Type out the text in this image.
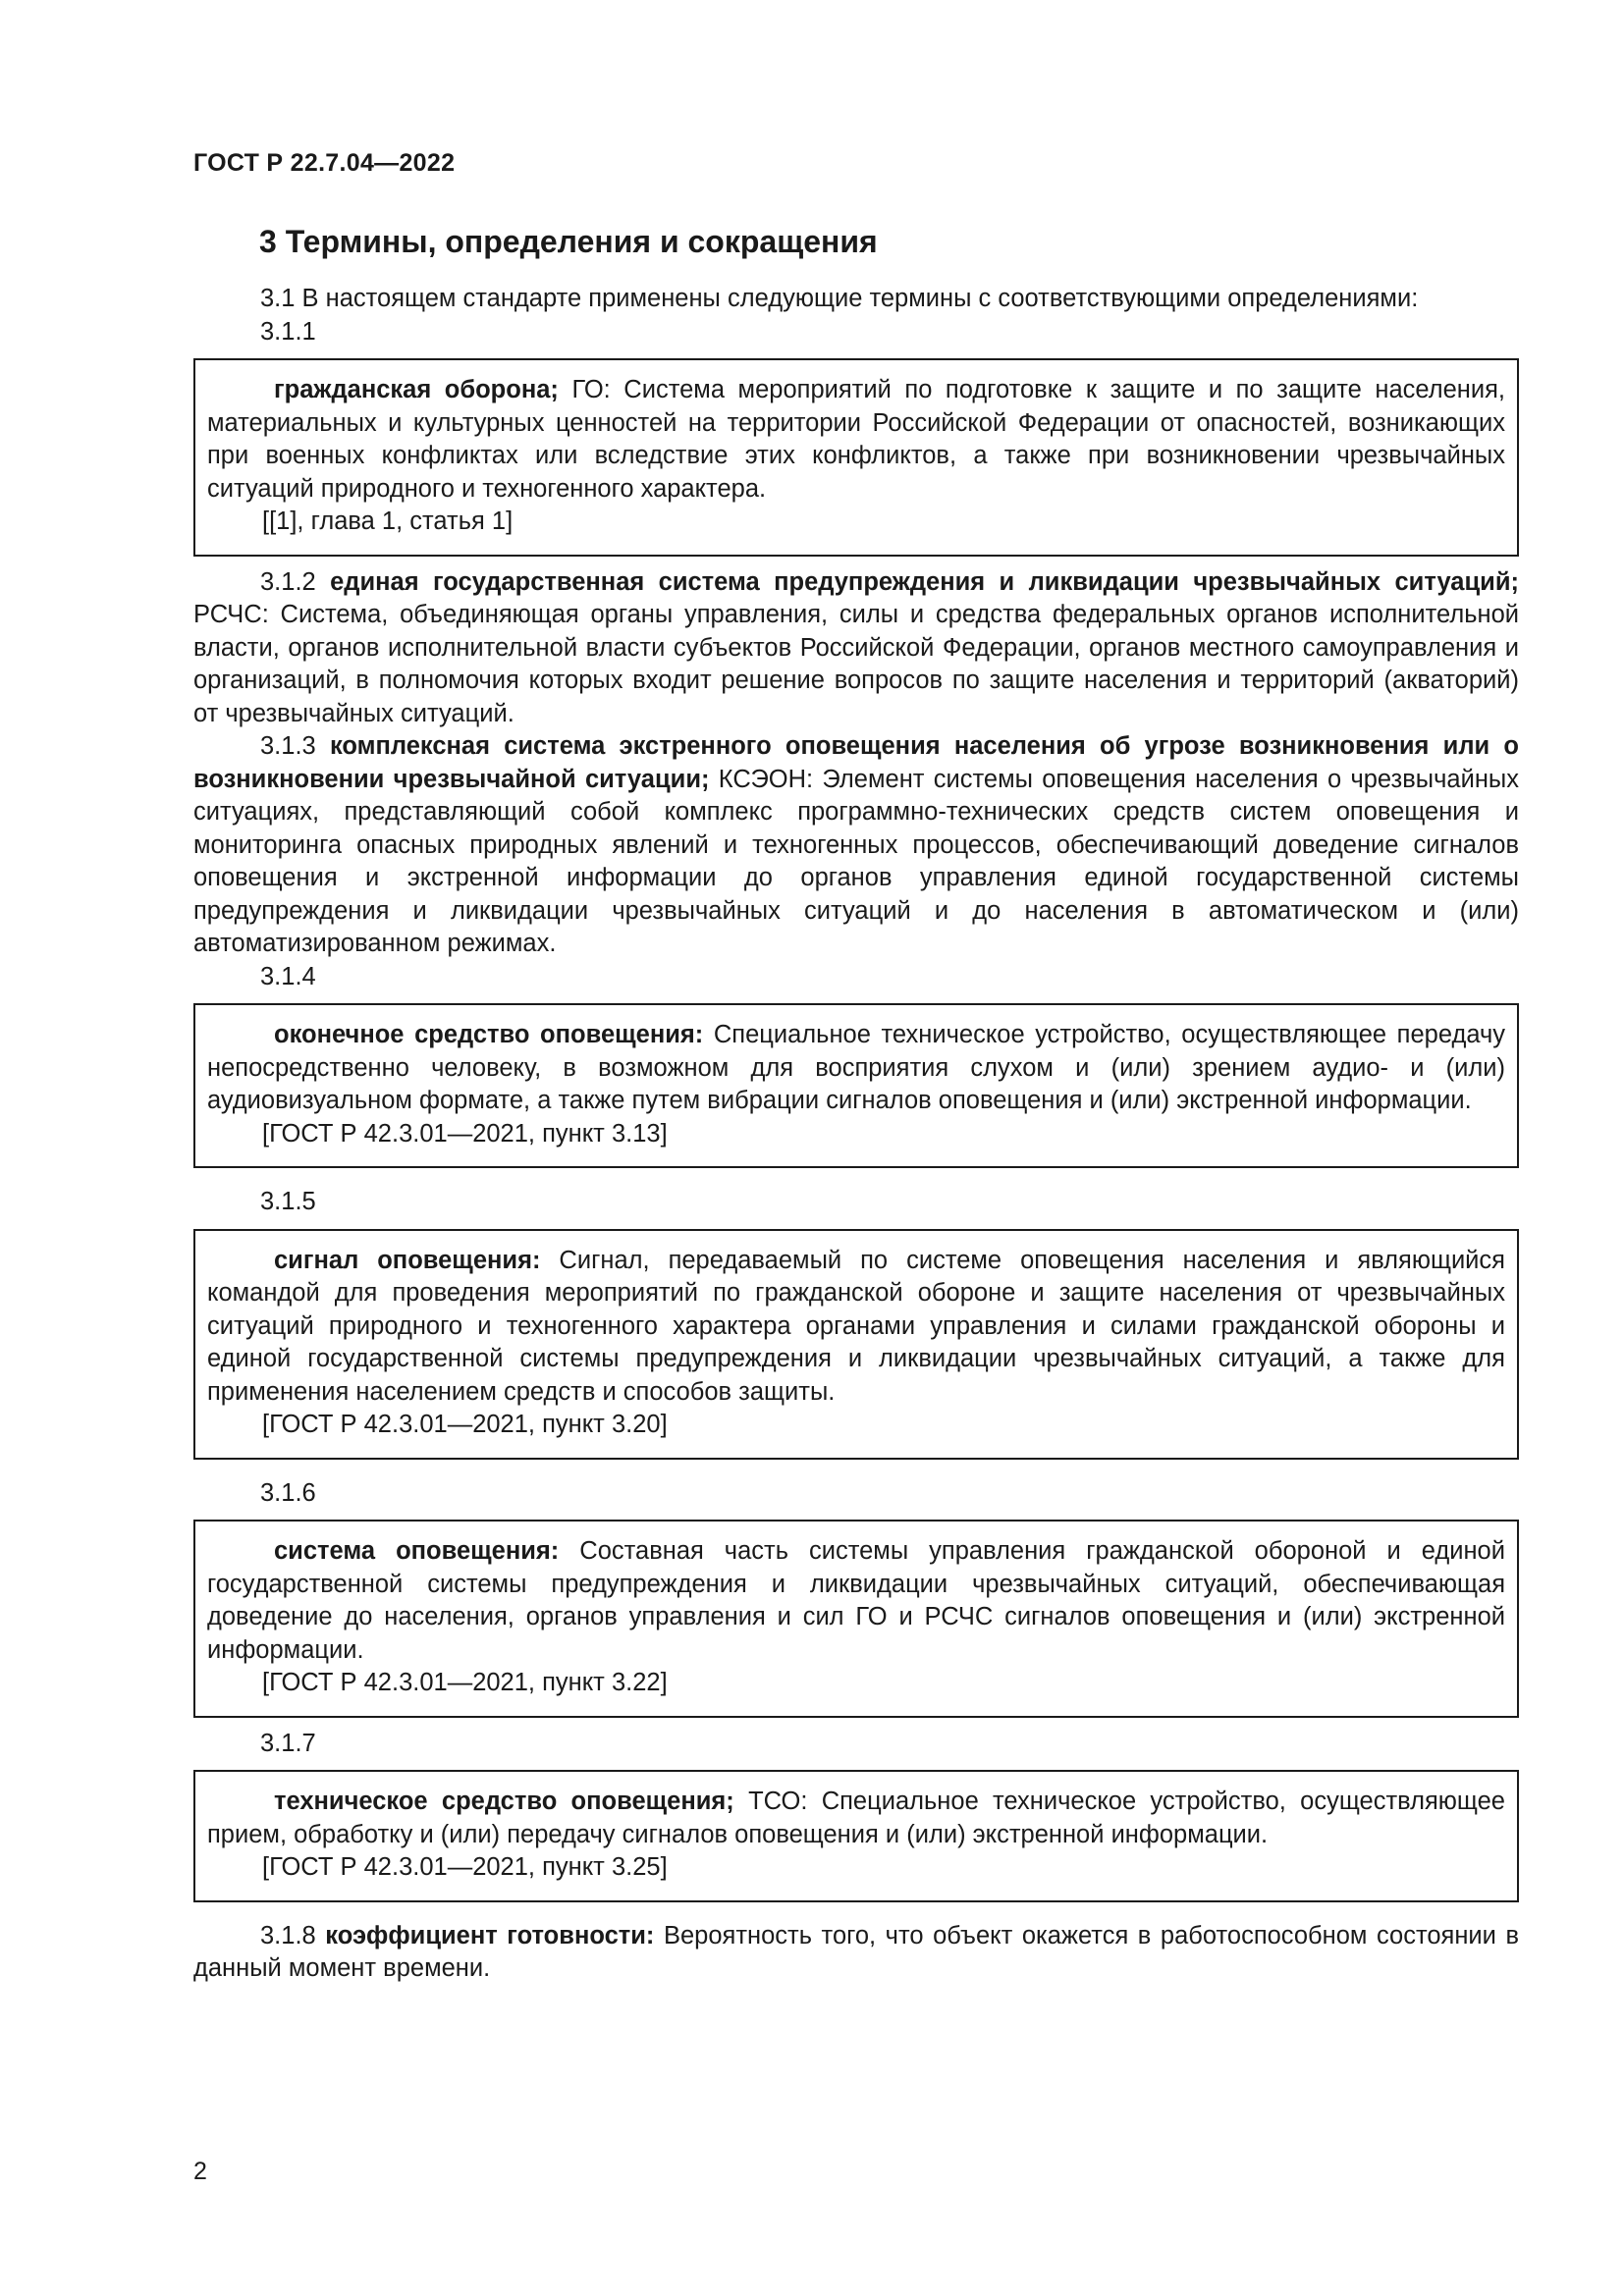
ГОСТ Р 22.7.04—2022
3 Термины, определения и сокращения

3.1 В настоящем стандарте применены следующие термины с соответствующими определениями:

3.1.1

гражданская оборона; ГО: Система мероприятий по подготовке к защите и по защите населения, материальных и культурных ценностей на территории Российской Федерации от опасностей, возникающих при военных конфликтах или вследствие этих конфликтов, а также при возникновении чрезвычайных ситуаций природного и техногенного характера.

[[1], глава 1, статья 1]

3.1.2 единая государственная система предупреждения и ликвидации чрезвычайных ситуаций; РСЧС: Система, объединяющая органы управления, силы и средства федеральных органов исполнительной власти, органов исполнительной власти субъектов Российской Федерации, органов местного самоуправления и организаций, в полномочия которых входит решение вопросов по защите населения и территорий (акваторий) от чрезвычайных ситуаций.

3.1.3 комплексная система экстренного оповещения населения об угрозе возникновения или о возникновении чрезвычайной ситуации; КСЭОН: Элемент системы оповещения населения о чрезвычайных ситуациях, представляющий собой комплекс программно-технических средств систем оповещения и мониторинга опасных природных явлений и техногенных процессов, обеспечивающий доведение сигналов оповещения и экстренной информации до органов управления единой государственной системы предупреждения и ликвидации чрезвычайных ситуаций и до населения в автоматическом и (или) автоматизированном режимах.

3.1.4

оконечное средство оповещения: Специальное техническое устройство, осуществляющее передачу непосредственно человеку, в возможном для восприятия слухом и (или) зрением аудио- и (или) аудиовизуальном формате, а также путем вибрации сигналов оповещения и (или) экстренной информации.

[ГОСТ Р 42.3.01—2021, пункт 3.13]

3.1.5

сигнал оповещения: Сигнал, передаваемый по системе оповещения населения и являющийся командой для проведения мероприятий по гражданской обороне и защите населения от чрезвычайных ситуаций природного и техногенного характера органами управления и силами гражданской обороны и единой государственной системы предупреждения и ликвидации чрезвычайных ситуаций, а также для применения населением средств и способов защиты.

[ГОСТ Р 42.3.01—2021, пункт 3.20]

3.1.6

система оповещения: Составная часть системы управления гражданской обороной и единой государственной системы предупреждения и ликвидации чрезвычайных ситуаций, обеспечивающая доведение до населения, органов управления и сил ГО и РСЧС сигналов оповещения и (или) экстренной информации.

[ГОСТ Р 42.3.01—2021, пункт 3.22]

3.1.7

техническое средство оповещения; ТСО: Специальное техническое устройство, осуществляющее прием, обработку и (или) передачу сигналов оповещения и (или) экстренной информации.

[ГОСТ Р 42.3.01—2021, пункт 3.25]

3.1.8 коэффициент готовности: Вероятность того, что объект окажется в работоспособном состоянии в данный момент времени.

2
